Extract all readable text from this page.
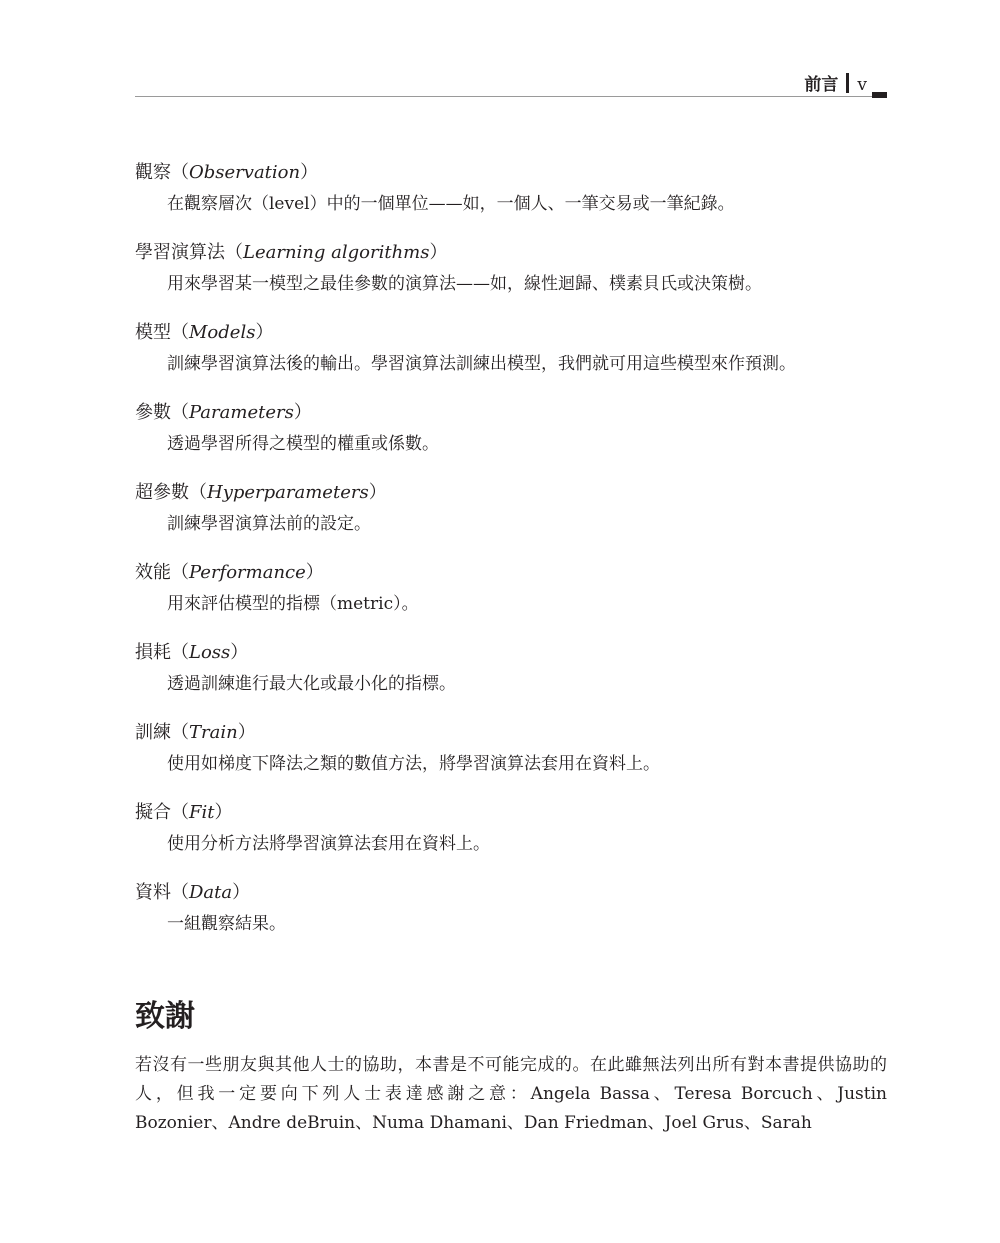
前言 v
觀察（Observation）
在觀察層次（level）中的一個單位——如，一個人、一筆交易或一筆紀錄。
學習演算法（Learning algorithms）
用來學習某一模型之最佳參數的演算法——如，線性迴歸、樸素貝氏或決策樹。
模型（Models）
訓練學習演算法後的輸出。學習演算法訓練出模型，我們就可用這些模型來作預測。
參數（Parameters）
透過學習所得之模型的權重或係數。
超參數（Hyperparameters）
訓練學習演算法前的設定。
效能（Performance）
用來評估模型的指標（metric）。
損耗（Loss）
透過訓練進行最大化或最小化的指標。
訓練（Train）
使用如梯度下降法之類的數值方法，將學習演算法套用在資料上。
擬合（Fit）
使用分析方法將學習演算法套用在資料上。
資料（Data）
一組觀察結果。
致謝
若沒有一些朋友與其他人士的協助，本書是不可能完成的。在此雖無法列出所有對本書提供協助的人，但我一定要向下列人士表達感謝之意：Angela Bassa、Teresa Borcuch、Justin Bozonier、Andre deBruin、Numa Dhamani、Dan Friedman、Joel Grus、Sarah
